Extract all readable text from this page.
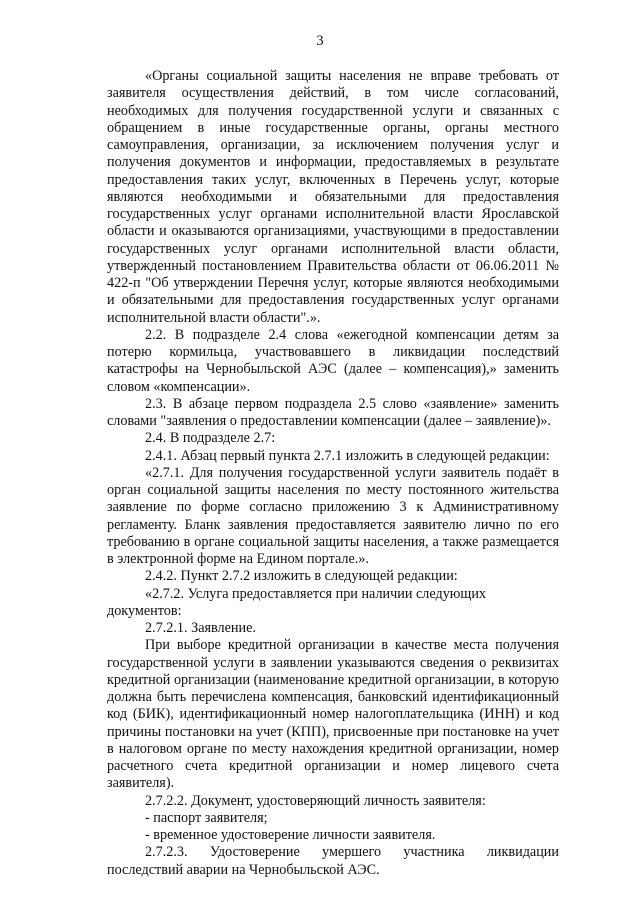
3

«Органы социальной защиты населения не вправе требовать от заявителя осуществления действий, в том числе согласований, необходимых для получения государственной услуги и связанных с обращением в иные государственные органы, органы местного самоуправления, организации, за исключением получения услуг и получения документов и информации, предоставляемых в результате предоставления таких услуг, включенных в Перечень услуг, которые являются необходимыми и обязательными для предоставления государственных услуг органами исполнительной власти Ярославской области и оказываются организациями, участвующими в предоставлении государственных услуг органами исполнительной власти области, утвержденный постановлением Правительства области от 06.06.2011 № 422-п "Об утверждении Перечня услуг, которые являются необходимыми и обязательными для предоставления государственных услуг органами исполнительной власти области".».

2.2. В подразделе 2.4 слова «ежегодной компенсации детям за потерю кормильца, участвовавшего в ликвидации последствий катастрофы на Чернобыльской АЭС (далее – компенсация),» заменить словом «компенсации».

2.3. В абзаце первом подраздела 2.5 слово «заявление» заменить словами "заявления о предоставлении компенсации (далее – заявление)».

2.4. В подразделе 2.7:

2.4.1. Абзац первый пункта 2.7.1 изложить в следующей редакции:

«2.7.1. Для получения государственной услуги заявитель подаёт в орган социальной защиты населения по месту постоянного жительства заявление по форме согласно приложению 3 к Административному регламенту. Бланк заявления предоставляется заявителю лично по его требованию в органе социальной защиты населения, а также размещается в электронной форме на Едином портале.».

2.4.2. Пункт 2.7.2 изложить в следующей редакции:

«2.7.2. Услуга предоставляется при наличии следующих документов:

2.7.2.1. Заявление.

При выборе кредитной организации в качестве места получения государственной услуги в заявлении указываются сведения о реквизитах кредитной организации (наименование кредитной организации, в которую должна быть перечислена компенсация, банковский идентификационный код (БИК), идентификационный номер налогоплательщика (ИНН) и код причины постановки на учет (КПП), присвоенные при постановке на учет в налоговом органе по месту нахождения кредитной организации, номер расчетного счета кредитной организации и номер лицевого счета заявителя).

2.7.2.2. Документ, удостоверяющий личность заявителя:

- паспорт заявителя;

- временное удостоверение личности заявителя.

2.7.2.3. Удостоверение умершего участника ликвидации последствий аварии на Чернобыльской АЭС.
